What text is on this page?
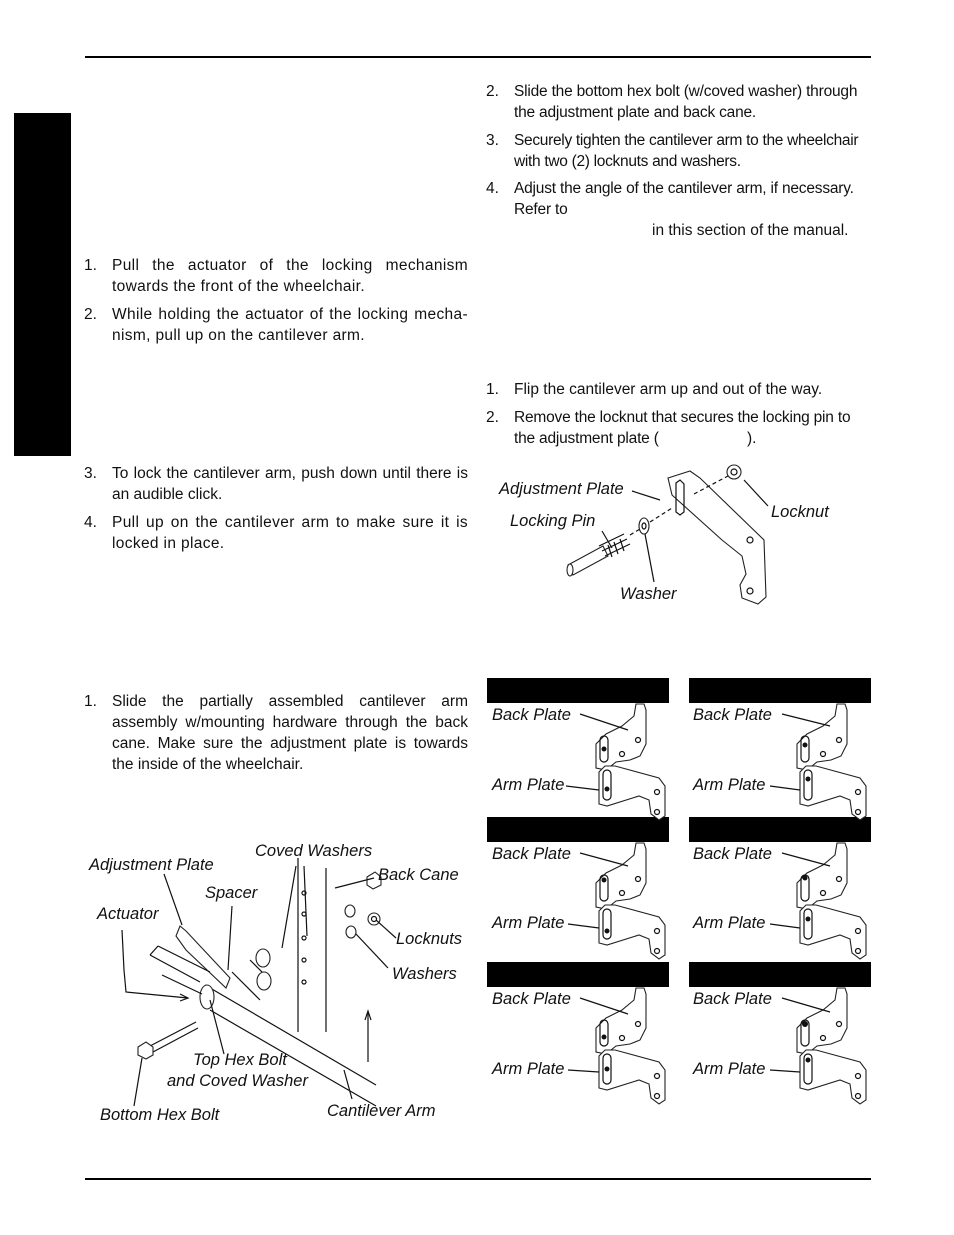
1. Pull the actuator of the locking mechanism towards the front of the wheelchair.
2. While holding the actuator of the locking mecha-nism, pull up on the cantilever arm.
3. To lock the cantilever arm, push down until there is an audible click.
4. Pull up on the cantilever arm to make sure it is locked in place.
1. Slide the partially assembled cantilever arm assembly w/mounting hardware through the back cane. Make sure the adjustment plate is towards the inside of the wheelchair.
2. Slide the bottom hex bolt (w/coved washer) through the adjustment plate and back cane.
3. Securely tighten the cantilever arm to the wheelchair with two (2) locknuts and washers.
4. Adjust the angle of the cantilever arm, if necessary. Refer to
in this section of the manual.
1. Flip the cantilever arm up and out of the way.
2. Remove the locknut that secures the locking pin to the adjustment plate (	).
Adjustment Plate
Locking Pin	Locknut
Washer
Coved Washers
Adjustment Plate
Spacer
Back Cane
Actuator
Locknuts
Washers
Top Hex Bolt
and Coved Washer
Bottom Hex Bolt	Cantilever Arm
Back Plate
Arm Plate
Back Plate
Arm Plate
Back Plate
Arm Plate
Back Plate
Arm Plate
Back Plate
Arm Plate
Back Plate
Arm Plate
